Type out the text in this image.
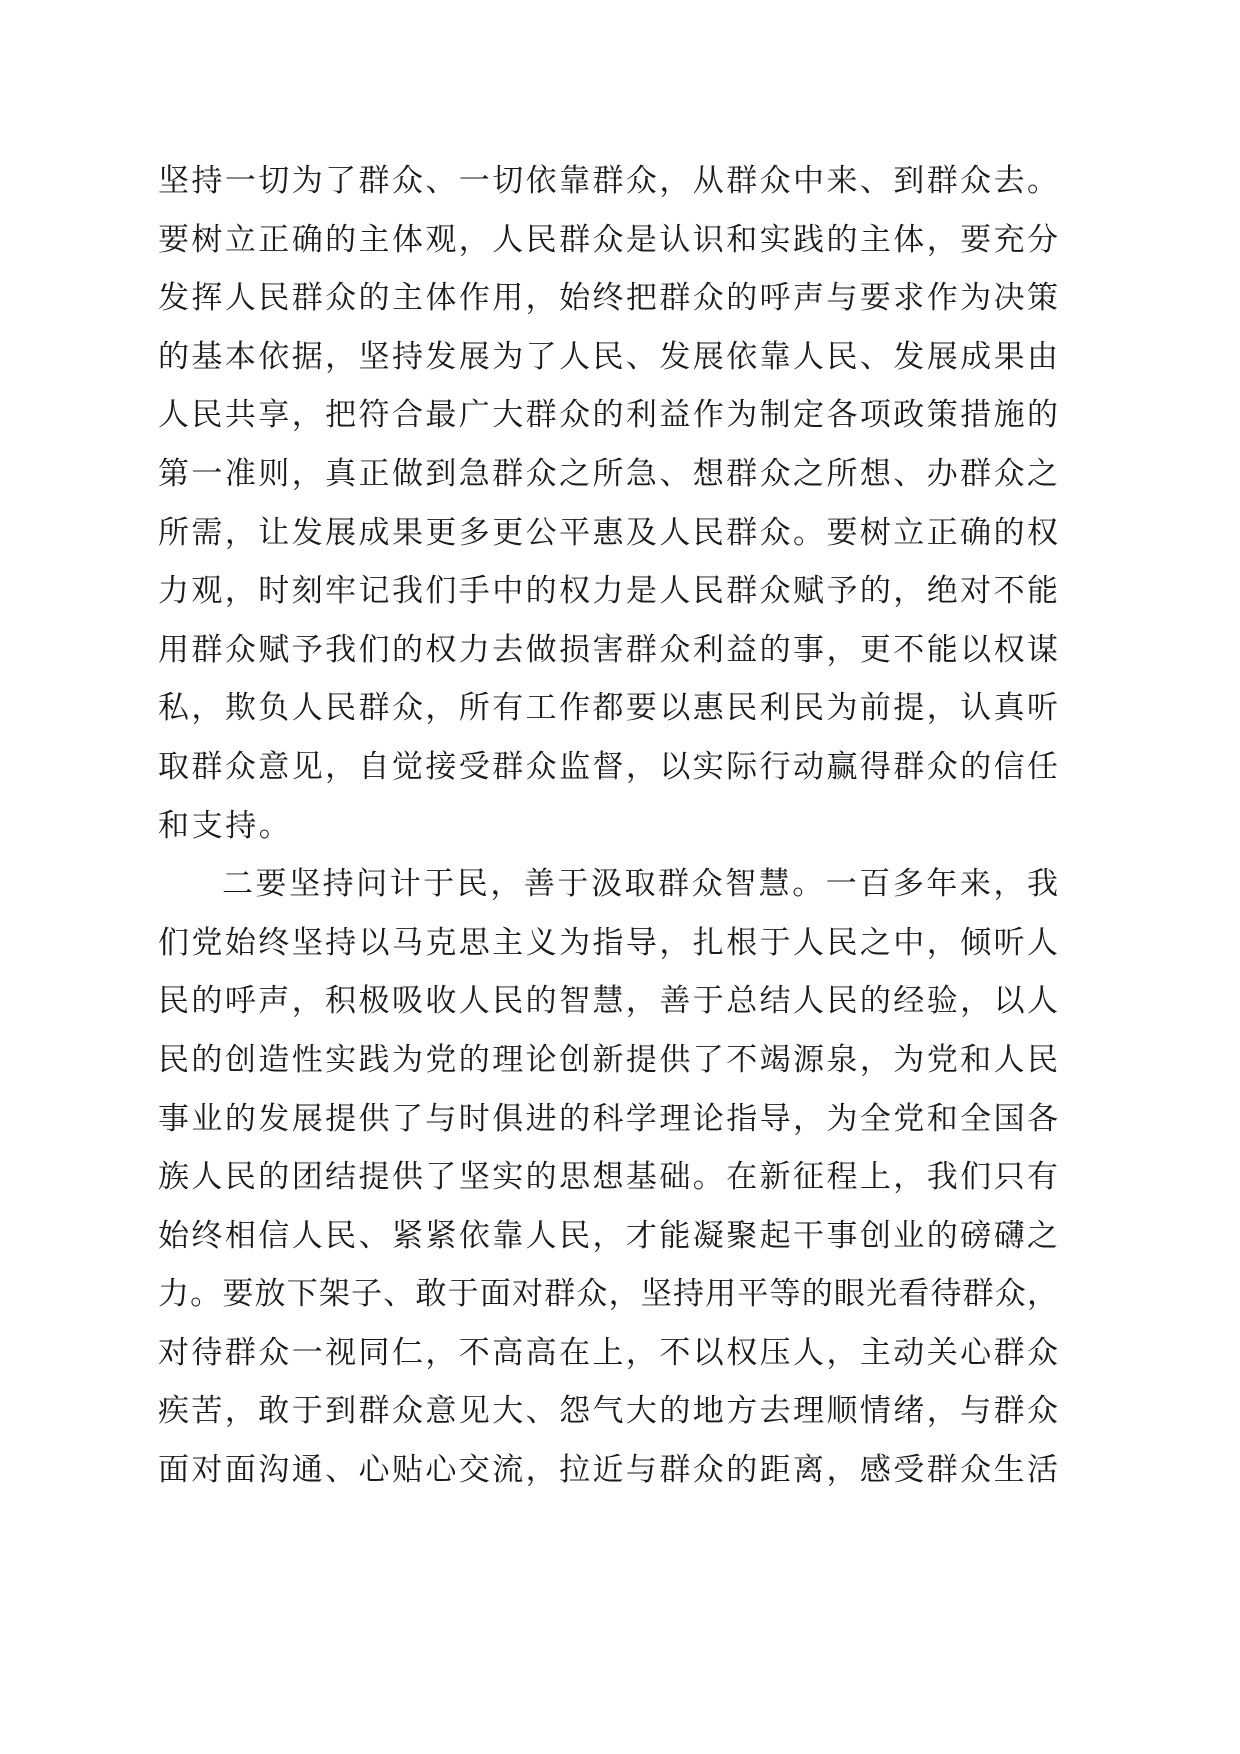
坚持一切为了群众、一切依靠群众，从群众中来、到群众去。
要树立正确的主体观，人民群众是认识和实践的主体，要充分
发挥人民群众的主体作用，始终把群众的呼声与要求作为决策
的基本依据，坚持发展为了人民、发展依靠人民、发展成果由
人民共享，把符合最广大群众的利益作为制定各项政策措施的
第一准则，真正做到急群众之所急、想群众之所想、办群众之
所需，让发展成果更多更公平惠及人民群众。要树立正确的权
力观，时刻牢记我们手中的权力是人民群众赋予的，绝对不能
用群众赋予我们的权力去做损害群众利益的事，更不能以权谋
私，欺负人民群众，所有工作都要以惠民利民为前提，认真听
取群众意见，自觉接受群众监督，以实际行动赢得群众的信任
和支持。
二要坚持问计于民，善于汲取群众智慧。一百多年来，我
们党始终坚持以马克思主义为指导，扎根于人民之中，倾听人
民的呼声，积极吸收人民的智慧，善于总结人民的经验，以人
民的创造性实践为党的理论创新提供了不竭源泉，为党和人民
事业的发展提供了与时俱进的科学理论指导，为全党和全国各
族人民的团结提供了坚实的思想基础。在新征程上，我们只有
始终相信人民、紧紧依靠人民，才能凝聚起干事创业的磅礴之
力。要放下架子、敢于面对群众，坚持用平等的眼光看待群众，
对待群众一视同仁，不高高在上，不以权压人，主动关心群众
疾苦，敢于到群众意见大、怨气大的地方去理顺情绪，与群众
面对面沟通、心贴心交流，拉近与群众的距离，感受群众生活
